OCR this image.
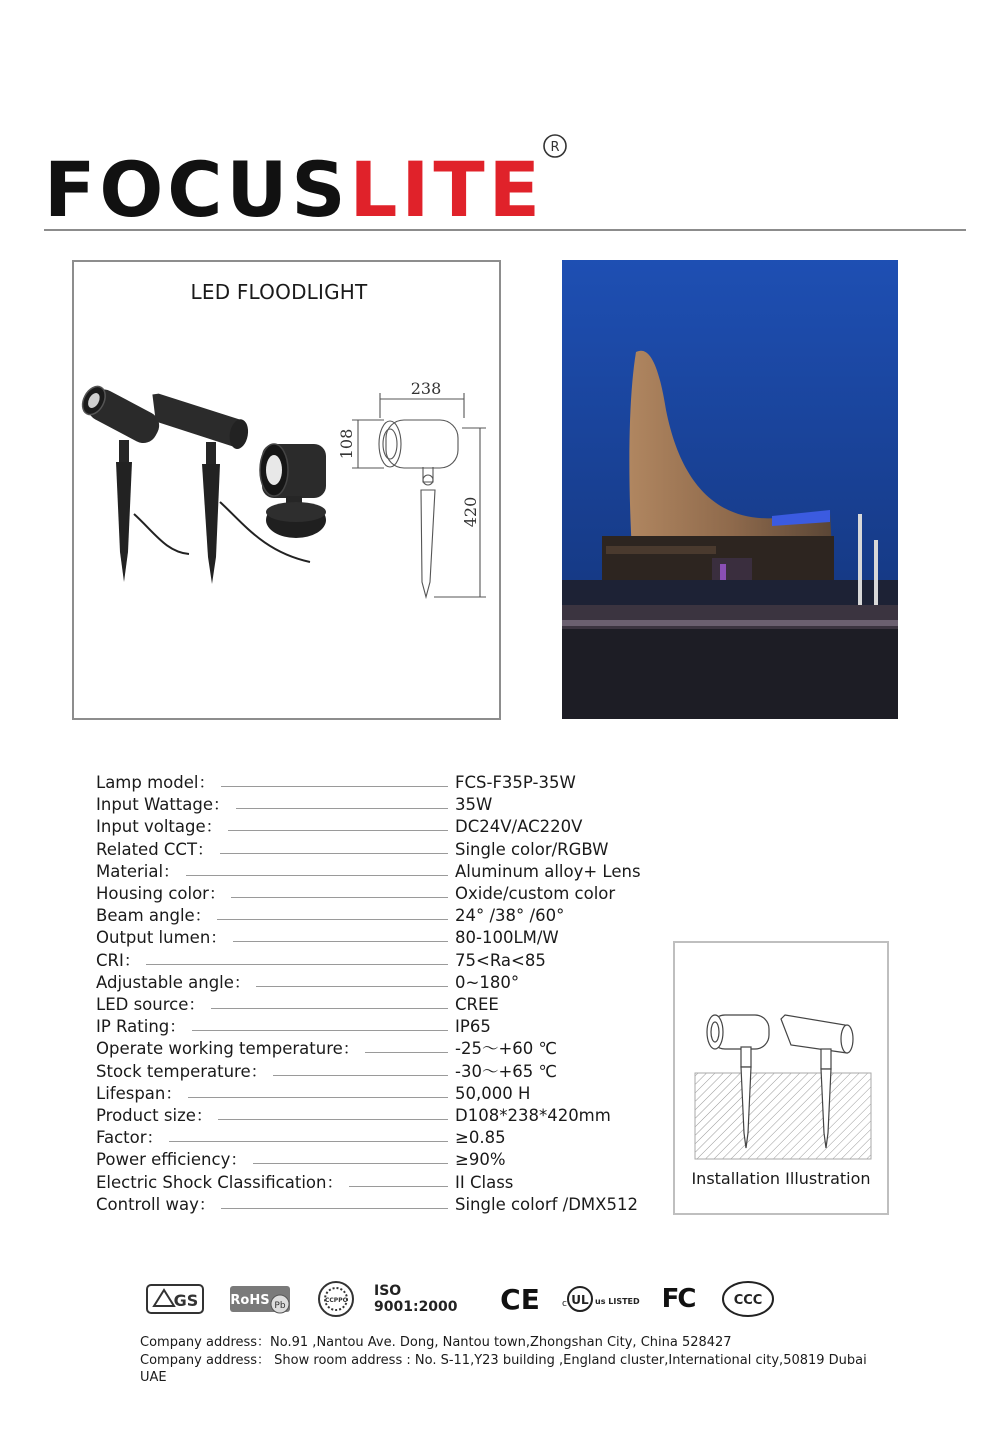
FOCUSLITE R
238
108
420
LED FLOODLIGHT
Lamp model：	FCS-F35P-35W
Input Wattage：	35W
Input voltage：	DC24V/AC220V
Related CCT：	Single color/RGBW
Material：	Aluminum alloy+ Lens
Housing color：	Oxide/custom color
Beam angle：	24° /38° /60°
Output lumen：	80-100LM/W
CRI：	75<Ra<85
Adjustable angle：	0~180°
LED source：	CREE
IP Rating：	IP65
Operate working temperature：	-25～+60 ℃
Stock temperature：	-30～+65 ℃
Lifespan：	50,000 H
Product size：	D108*238*420mm
Factor：	≥0.85
Power efficiency：	≥90%
Electric Shock Classification：	II Class
Controll way：	Single colorf /DMX512
Installation Illustration
GS RoHS Pb
CCPPC
ISO 9001:2000	CE c UL us LISTED FC	CCC
Company address：No.91 ,Nantou Ave. Dong, Nantou town,Zhongshan City, China 528427
Company address： Show room address : No. S-11,Y23 building ,England cluster,International city,50819 Dubai UAE
